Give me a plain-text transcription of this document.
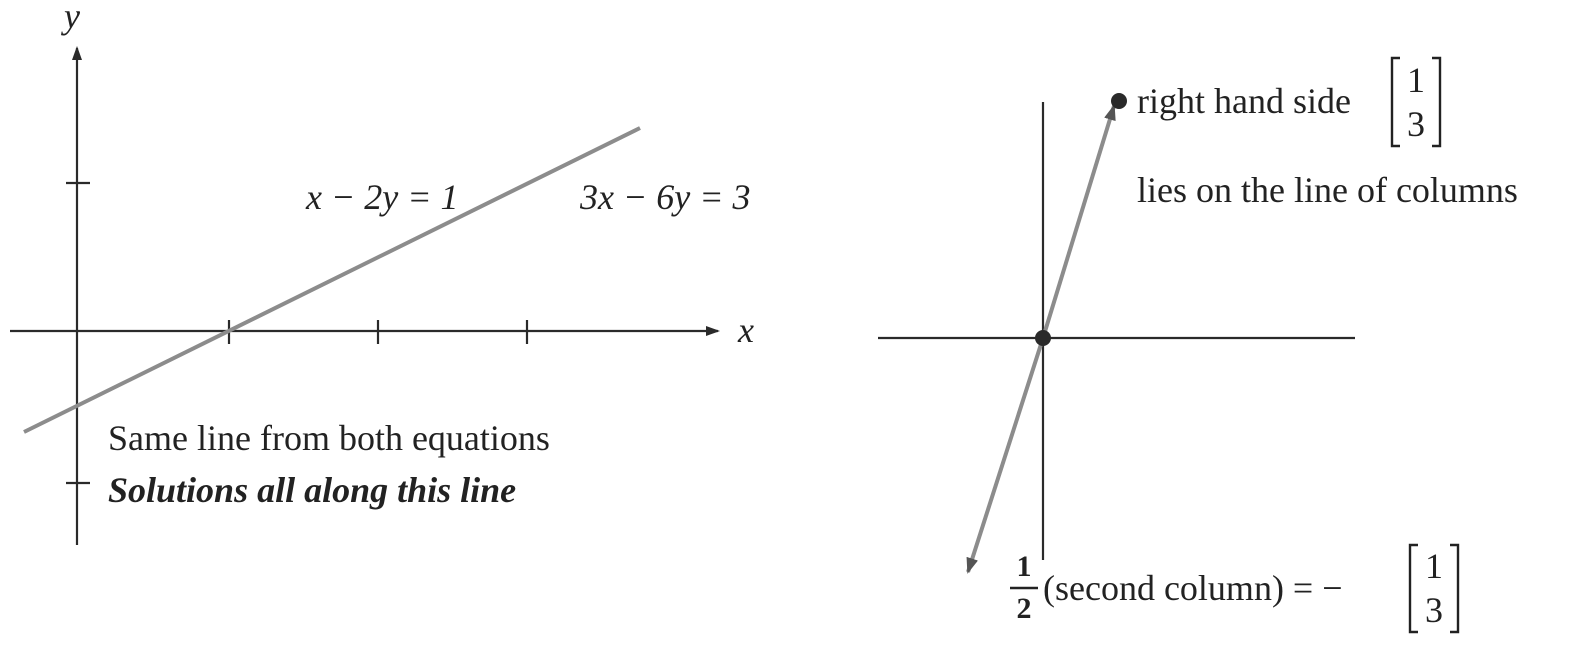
y
x
x − 2y = 1	3x − 6y = 3
Same line from both equations
Solutions all along this line
right hand side
1
3
lies on the line of columns
1
2
(second column) = −
1
3
